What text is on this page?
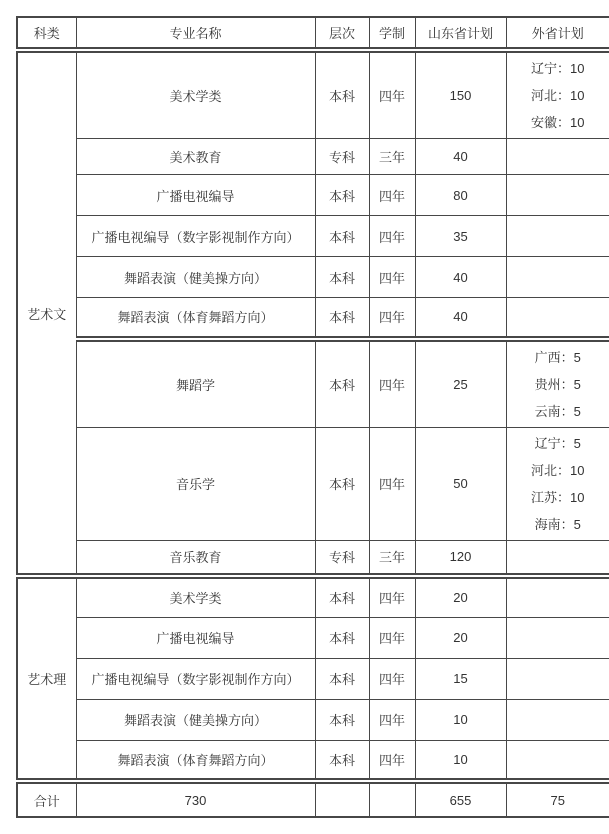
科类	专业名称	层次	学制	山东省计划	外省计划
艺术文	美术学类	本科	四年	150	辽宁：10
河北：10
安徽：10

	美术教育	专科	三年	40	
	广播电视编导	本科	四年	80	
	广播电视编导（数字影视制作方向）	本科	四年	35	
	舞蹈表演（健美操方向）	本科	四年	40	
	舞蹈表演（体育舞蹈方向）	本科	四年	40	
	舞蹈学	本科	四年	25	广西：5
贵州：5
云南：5

	音乐学	本科	四年	50	辽宁：5
河北：10
江苏：10
海南：5

	音乐教育	专科	三年	120	
艺术理	美术学类	本科	四年	20	
	广播电视编导	本科	四年	20	
	广播电视编导（数字影视制作方向）	本科	四年	15	
	舞蹈表演（健美操方向）	本科	四年	10	
	舞蹈表演（体育舞蹈方向）	本科	四年	10	
合计	730			655	75
